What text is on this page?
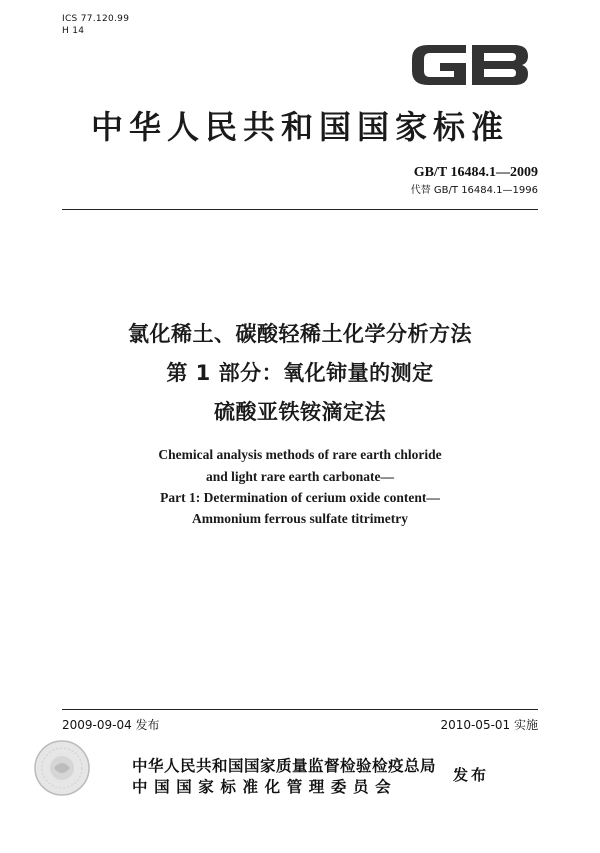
ICS 77.120.99
H 14
中华人民共和国国家标准
GB/T 16484.1—2009
代替 GB/T 16484.1—1996
氯化稀土、碳酸轻稀土化学分析方法
第 1 部分：氧化铈量的测定
硫酸亚铁铵滴定法
Chemical analysis methods of rare earth chloride
and light rare earth carbonate—
Part 1: Determination of cerium oxide content—
Ammonium ferrous sulfate titrimetry
2009-09-04 发布	2010-05-01 实施
中华人民共和国国家质量监督检验检疫总局
中国国家标准化管理委员会
发布
